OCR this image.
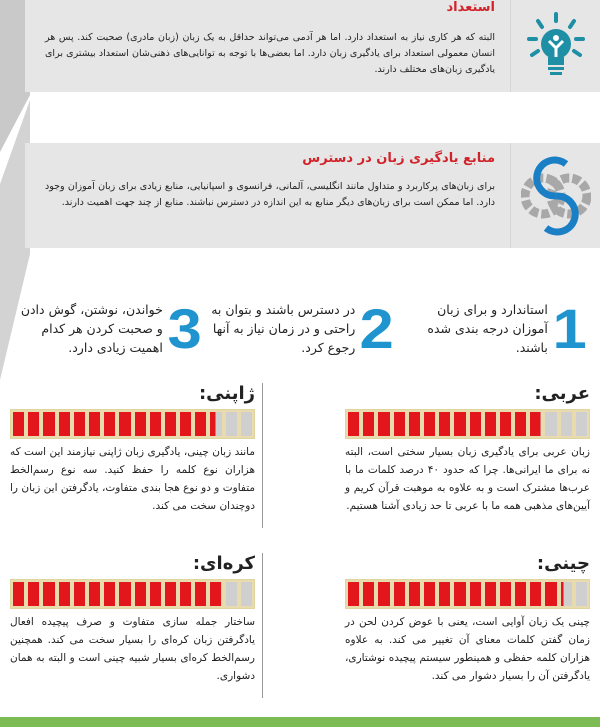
استعداد
البته که هر کاری نیاز به استعداد دارد. اما هر آدمی می‌تواند حداقل به یک زبان (زبان مادری) صحبت کند. پس هر انسان معمولی استعداد برای یادگیری زبان دارد. اما بعضی‌ها با توجه به توانایی‌های ذهنی‌شان استعداد بیشتری برای یادگیری زبان‌های مختلف دارند.
منابع یادگیری زبان در دسترس
برای زبان‌های پرکاربرد و متداول مانند انگلیسی، آلمانی، فرانسوی و اسپانیایی، منابع زیادی برای زبان آموزان وجود دارد. اما ممکن است برای زبان‌های دیگر منابع به این اندازه در دسترس نباشند. منابع از چند جهت اهمیت دارند.
1
استاندارد و برای زبان آموزان درجه بندی شده باشند.
2
در دسترس باشند و بتوان به راحتی و در زمان نیاز به آنها رجوع کرد.
3
خواندن، نوشتن، گوش دادن و صحبت کردن هر کدام اهمیت زیادی دارد.
عربی:

زبان عربی برای یادگیری زبان بسیار سختی است، البته نه برای ما ایرانی‌ها. چرا که حدود ۴۰ درصد کلمات ما با عرب‌ها مشترک است و به علاوه به موهبت قرآن کریم و آیین‌های مذهبی همه ما با عربی تا حد زیادی آشنا هستیم.

ژاپنی:

مانند زبان چینی، یادگیری زبان ژاپنی نیازمند این است که هزاران نوع کلمه را حفظ کنید. سه نوع رسم‌الخط متفاوت و دو نوع هجا بندی متفاوت، یادگرفتن این زبان را دوچندان سخت می کند.

چینی:

چینی یک زبان آوایی است، یعنی با عوض کردن لحن در زمان گفتن کلمات معنای آن تغییر می کند. به علاوه هزاران کلمه حفظی و همینطور سیستم پیچیده نوشتاری، یادگرفتن آن را بسیار دشوار می کند.

کره‌ای:

ساختار جمله سازی متفاوت و صرف پیچیده افعال یادگرفتن زبان کره‌ای را بسیار سخت می کند. همچنین رسم‌الخط کره‌ای بسیار شبیه چینی است و البته به همان دشواری.
